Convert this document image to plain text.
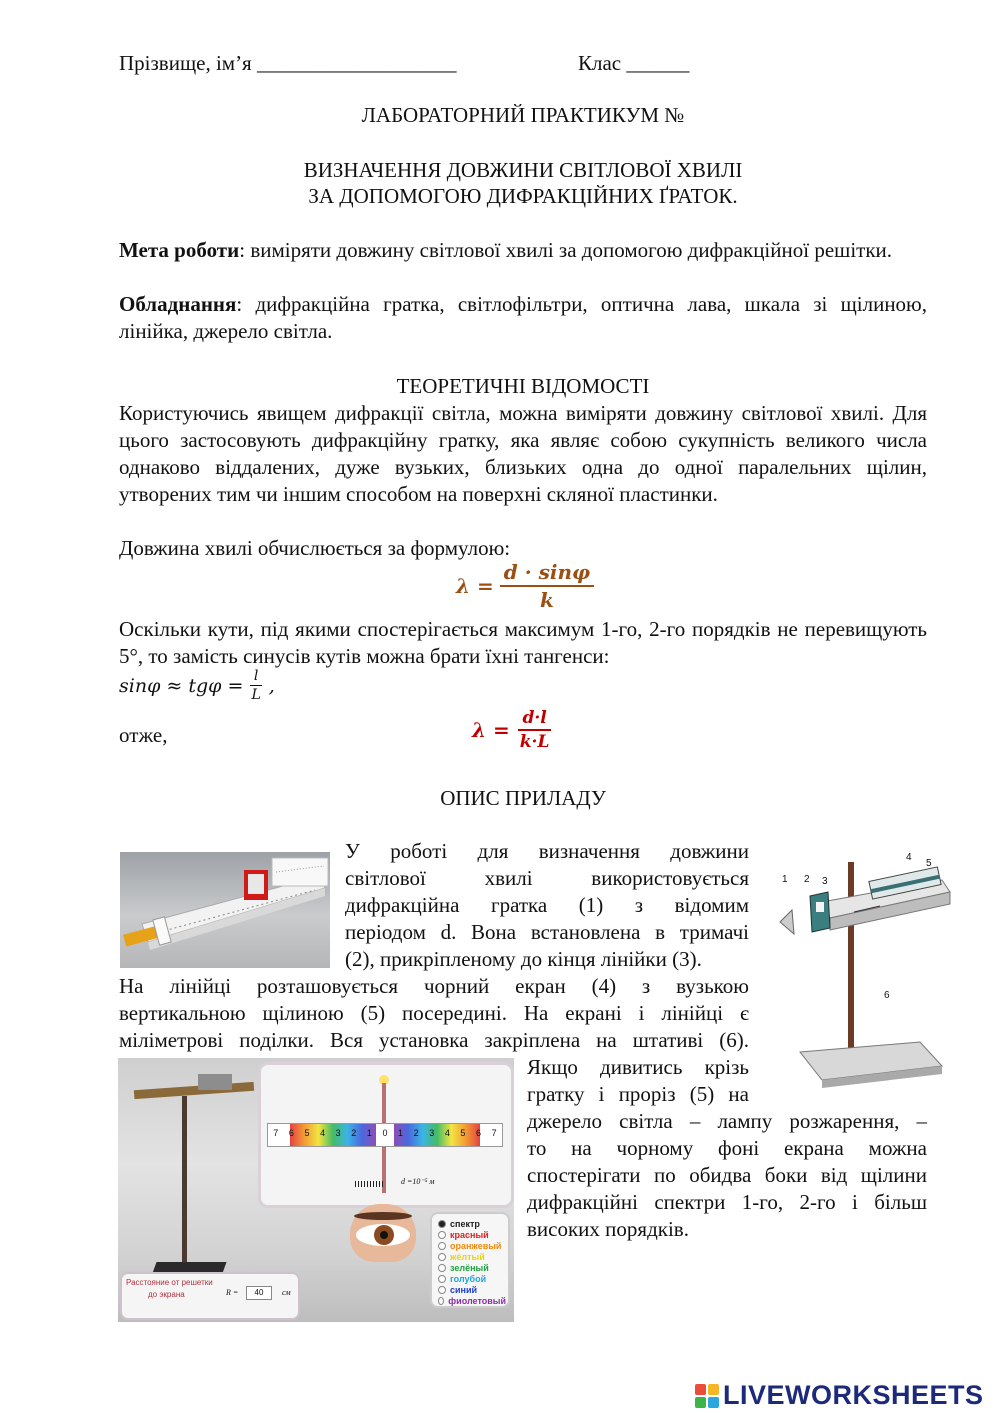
Прізвище, ім’я ___________________	Клас ______
ЛАБОРАТОРНИЙ ПРАКТИКУМ №
ВИЗНАЧЕННЯ ДОВЖИНИ СВІТЛОВОЇ ХВИЛІ
ЗА ДОПОМОГОЮ ДИФРАКЦІЙНИХ ҐРАТОК.
Мета роботи: виміряти довжину світлової хвилі за допомогою дифракційної решітки.
Обладнання: дифракційна гратка, світлофільтри, оптична лава, шкала зі щілиною, лінійка, джерело світла.
ТЕОРЕТИЧНІ ВІДОМОСТІ
Користуючись явищем дифракції світла, можна виміряти довжину світлової хвилі. Для цього застосовують дифракційну гратку, яка являє собою сукупність великого числа однаково віддалених, дуже вузьких, близьких одна до одної паралельних щілин, утворених тим чи іншим способом на поверхні скляної пластинки.
Довжина хвилі обчислюється за формулою:
$\lambda = \frac{d \cdot \sin\varphi}{k}$
Оскільки кути, під якими спостерігається максимум 1-го, 2-го порядків не перевищують 5°, то замість синусів кутів можна брати їхні тангенси:
$\sin\varphi \approx tg\varphi = \frac{l}{L}$ ,
отже,	$\lambda = \frac{d\cdot l}{k\cdot L}$
ОПИС ПРИЛАДУ
У роботі для визначення довжини
світлової хвилі використовується
дифракційна гратка (1) з відомим
періодом d. Вона встановлена в тримачі
(2), прикріпленому до кінця лінійки (3).
На лінійці розташовується чорний екран (4) з вузькою
вертикальною щілиною (5) посередині. На екрані і лінійці є
міліметрові поділки. Вся установка закріплена на штативі (6).
Якщо дивитись крізь
гратку і проріз (5) на
джерело світла – лампу розжарення, –
то на чорному фоні екрана можна
спостерігати по обидва боки від щілини
дифракційні спектри 1-го, 2-го і більш
високих порядків.
1 2 3
4
5
6
7 6 5 4 3 2 1 0 1 2 3 4 5 6 7
d =10⁻⁵ м
спектр
красный
оранжевый
жёлтый
зелёный
голубой
синий
фиолетовый
Расстояние от решетки
до экрана	R =	40	см
LIVEWORKSHEETS
